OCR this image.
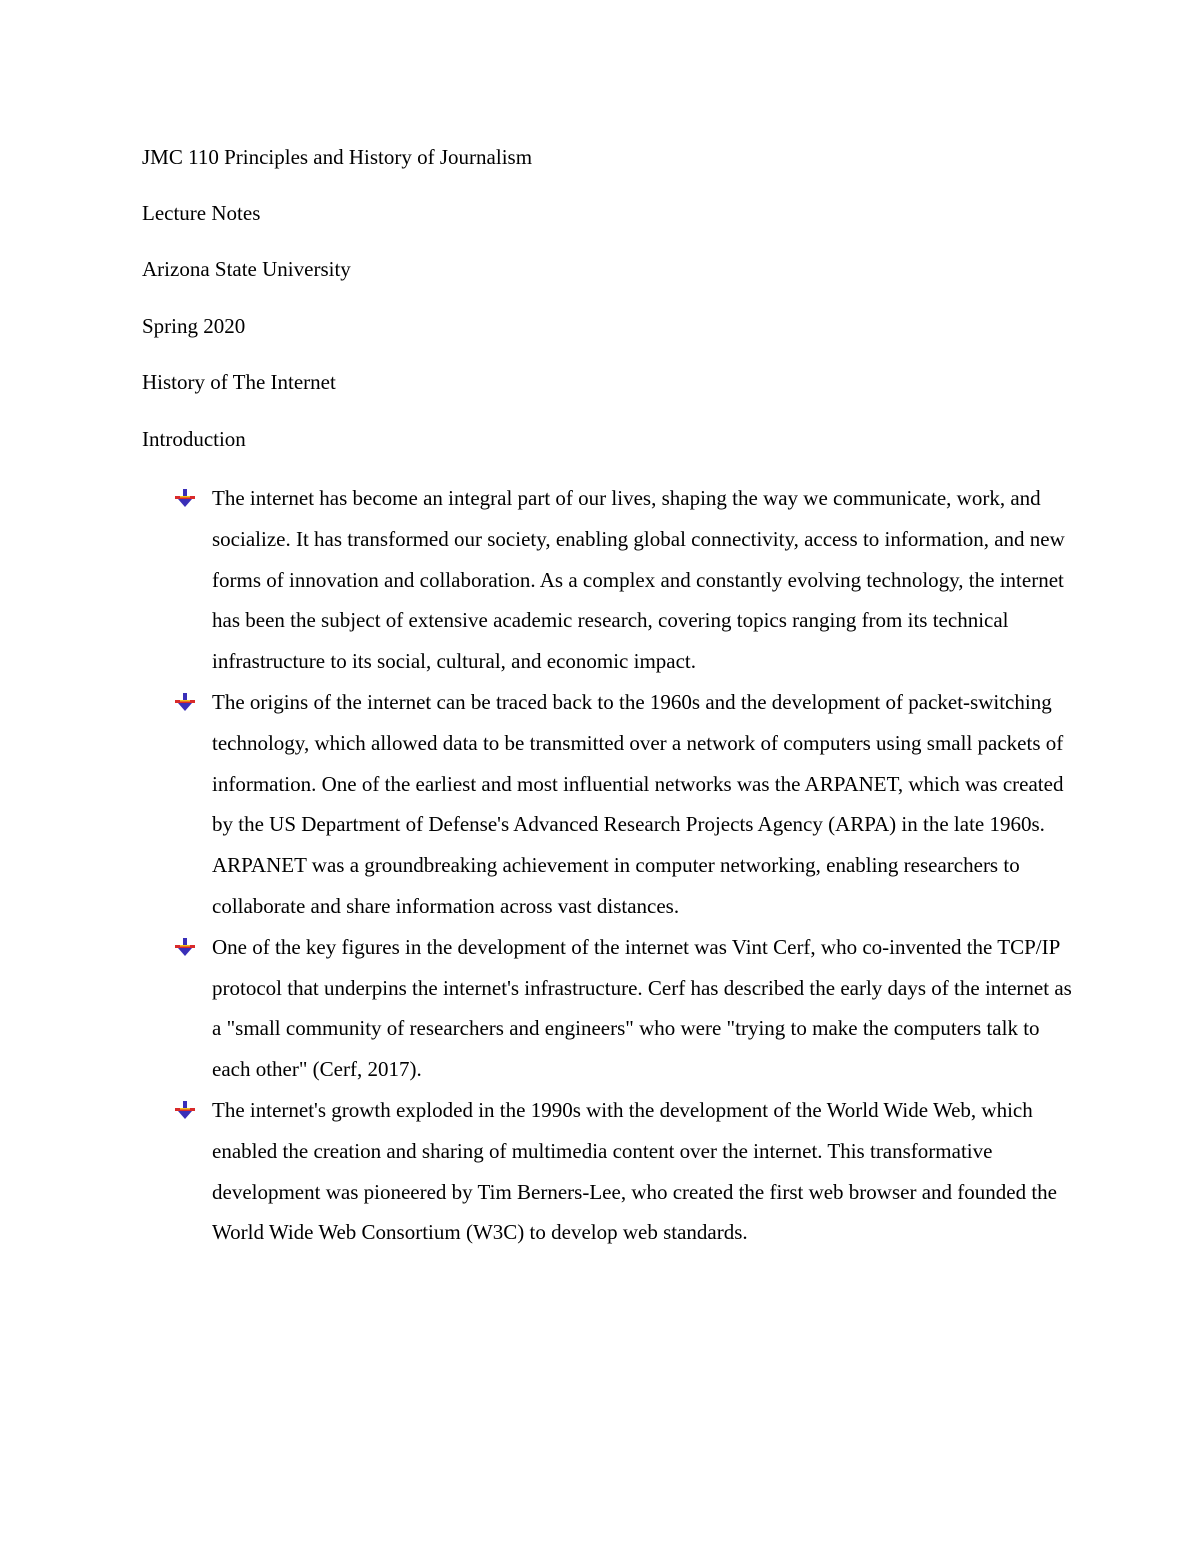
JMC 110 Principles and History of Journalism
Lecture Notes
Arizona State University
Spring 2020
History of The Internet
Introduction
The internet has become an integral part of our lives, shaping the way we communicate, work, and socialize. It has transformed our society, enabling global connectivity, access to information, and new forms of innovation and collaboration. As a complex and constantly evolving technology, the internet has been the subject of extensive academic research, covering topics ranging from its technical infrastructure to its social, cultural, and economic impact.
The origins of the internet can be traced back to the 1960s and the development of packet-switching technology, which allowed data to be transmitted over a network of computers using small packets of information. One of the earliest and most influential networks was the ARPANET, which was created by the US Department of Defense's Advanced Research Projects Agency (ARPA) in the late 1960s. ARPANET was a groundbreaking achievement in computer networking, enabling researchers to collaborate and share information across vast distances.
One of the key figures in the development of the internet was Vint Cerf, who co-invented the TCP/IP protocol that underpins the internet's infrastructure. Cerf has described the early days of the internet as a "small community of researchers and engineers" who were "trying to make the computers talk to each other" (Cerf, 2017).
The internet's growth exploded in the 1990s with the development of the World Wide Web, which enabled the creation and sharing of multimedia content over the internet. This transformative development was pioneered by Tim Berners-Lee, who created the first web browser and founded the World Wide Web Consortium (W3C) to develop web standards.
